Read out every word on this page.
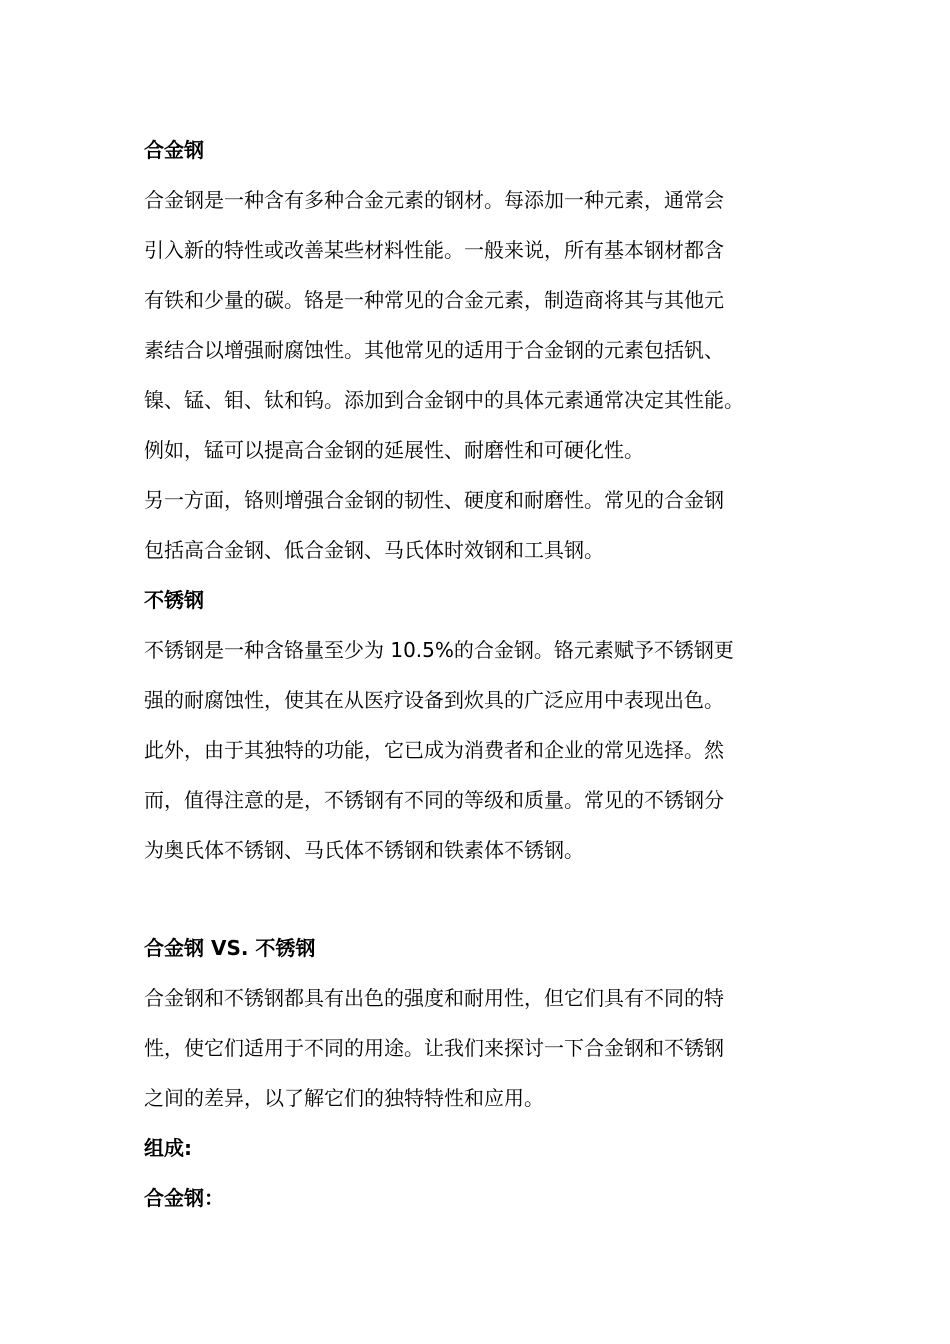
合金钢

合金钢是一种含有多种合金元素的钢材。每添加一种元素，通常会

引入新的特性或改善某些材料性能。一般来说，所有基本钢材都含

有铁和少量的碳。铬是一种常见的合金元素，制造商将其与其他元

素结合以增强耐腐蚀性。其他常见的适用于合金钢的元素包括钒、

镍、锰、钼、钛和钨。添加到合金钢中的具体元素通常决定其性能。

例如，锰可以提高合金钢的延展性、耐磨性和可硬化性。

另一方面，铬则增强合金钢的韧性、硬度和耐磨性。常见的合金钢

包括高合金钢、低合金钢、马氏体时效钢和工具钢。

不锈钢

不锈钢是一种含铬量至少为 10.5%的合金钢。铬元素赋予不锈钢更

强的耐腐蚀性，使其在从医疗设备到炊具的广泛应用中表现出色。

此外，由于其独特的功能，它已成为消费者和企业的常见选择。然

而，值得注意的是，不锈钢有不同的等级和质量。常见的不锈钢分

为奥氏体不锈钢、马氏体不锈钢和铁素体不锈钢。

合金钢 VS. 不锈钢

合金钢和不锈钢都具有出色的强度和耐用性，但它们具有不同的特

性，使它们适用于不同的用途。让我们来探讨一下合金钢和不锈钢

之间的差异，以了解它们的独特特性和应用。

组成:

合金钢：
